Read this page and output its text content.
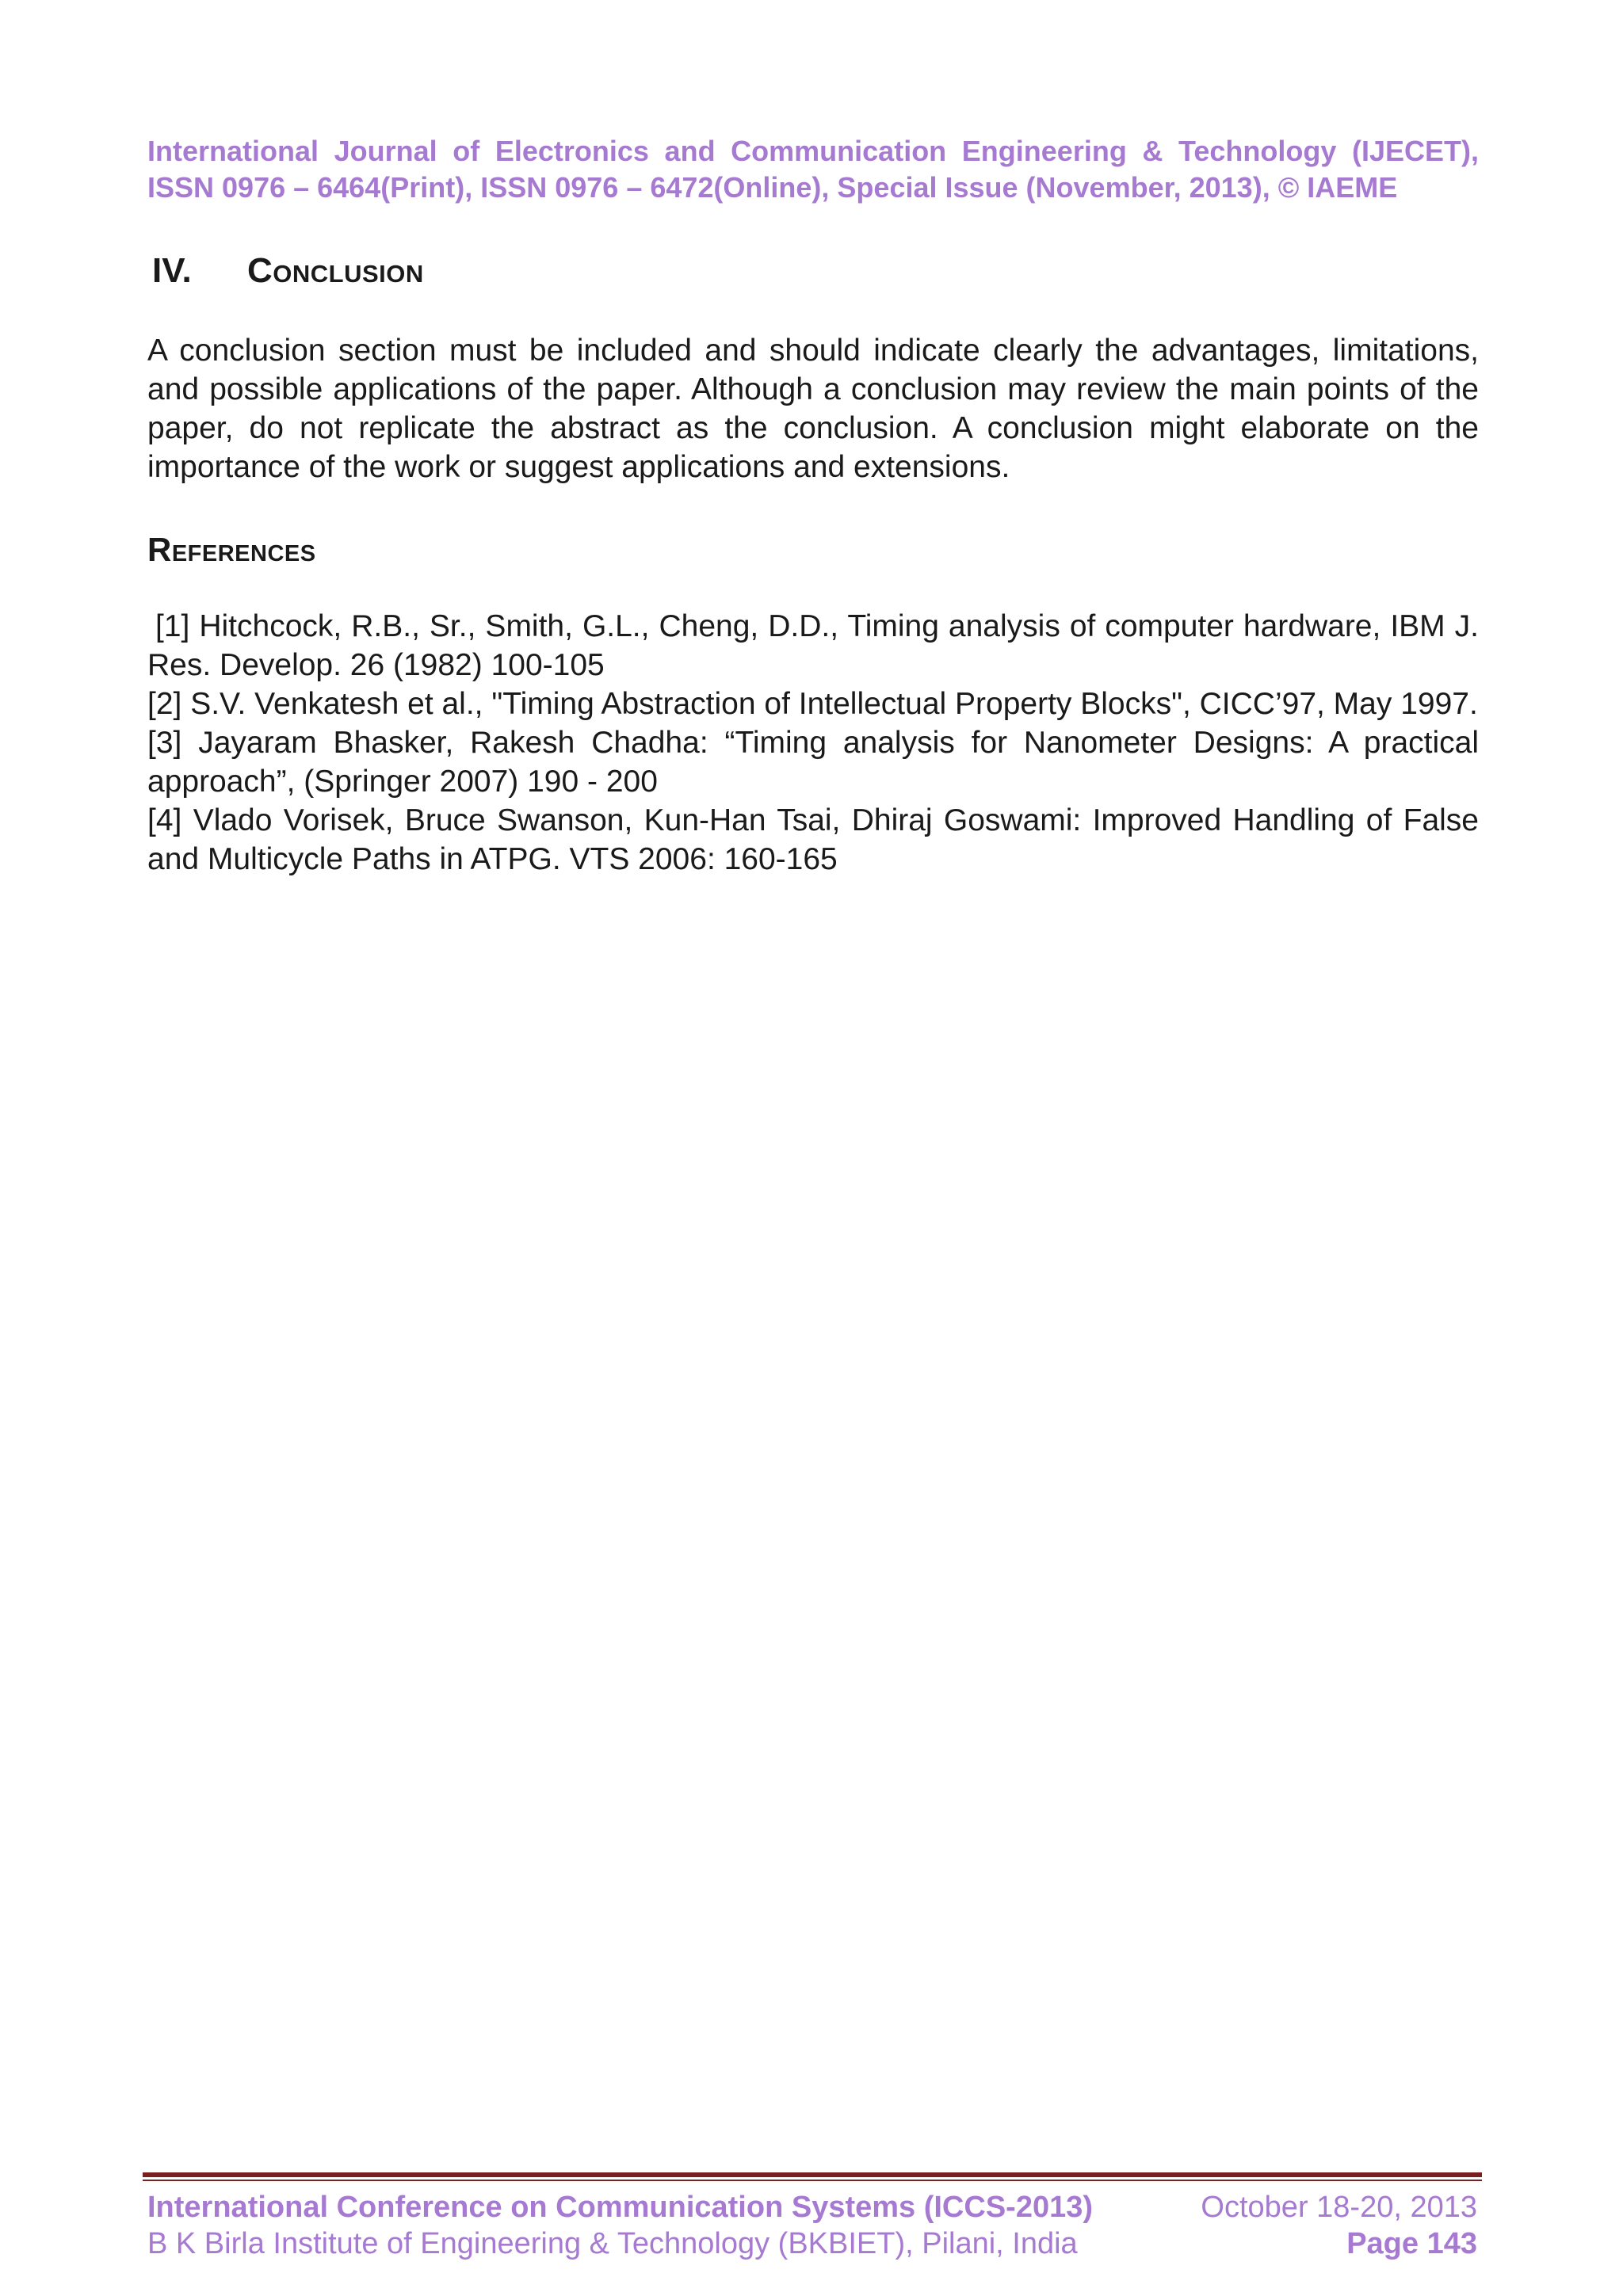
International Journal of Electronics and Communication Engineering & Technology (IJECET),
ISSN 0976 – 6464(Print), ISSN 0976 – 6472(Online), Special Issue (November, 2013), © IAEME

IV.	Conclusion

A conclusion section must be included and should indicate clearly the advantages, limitations, and possible applications of the paper. Although a conclusion may review the main points of the paper, do not replicate the abstract as the conclusion. A conclusion might elaborate on the importance of the work or suggest applications and extensions.

References

[1] Hitchcock, R.B., Sr., Smith, G.L., Cheng, D.D., Timing analysis of computer hardware, IBM J. Res. Develop. 26 (1982) 100-105

[2] S.V. Venkatesh et al., "Timing Abstraction of Intellectual Property Blocks", CICC’97, May 1997.

[3] Jayaram Bhasker, Rakesh Chadha: “Timing analysis for Nanometer Designs: A practical approach”, (Springer 2007) 190 - 200

[4] Vlado Vorisek, Bruce Swanson, Kun-Han Tsai, Dhiraj Goswami: Improved Handling of False and Multicycle Paths in ATPG. VTS 2006: 160-165

International Conference on Communication Systems (ICCS-2013)	October 18-20, 2013
B K Birla Institute of Engineering & Technology (BKBIET), Pilani, India	Page 143
